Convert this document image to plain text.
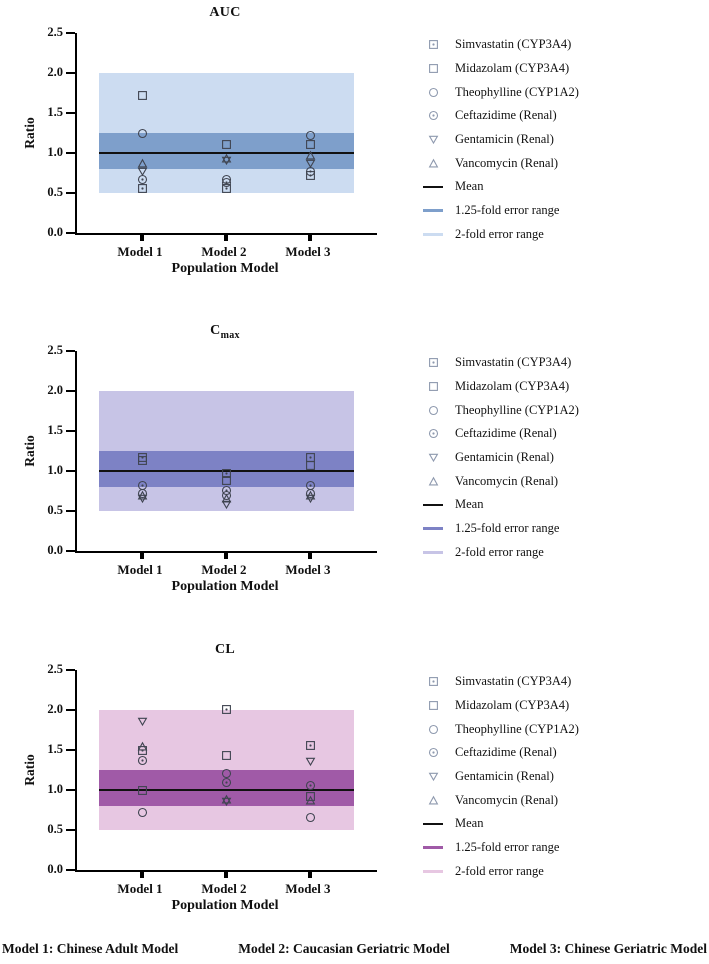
AUC
Ratio
Population Model
Simvastatin (CYP3A4)
Midazolam (CYP3A4)
Theophylline (CYP1A2)
Ceftazidime (Renal)
Gentamicin (Renal)
Vancomycin (Renal)
Mean
1.25-fold error range
2-fold error range
0.0
0.5
1.0
1.5
2.0
2.5
Model 1	Model 2	Model 3
$C_{max}$
Ratio
Population Model
Simvastatin (CYP3A4)
Midazolam (CYP3A4)
Theophylline (CYP1A2)
Ceftazidime (Renal)
Gentamicin (Renal)
Vancomycin (Renal)
Mean
1.25-fold error range
2-fold error range
0.0
0.5
1.0
1.5
2.0
2.5
Model 1	Model 2	Model 3
CL
Ratio
Population Model
Simvastatin (CYP3A4)
Midazolam (CYP3A4)
Theophylline (CYP1A2)
Ceftazidime (Renal)
Gentamicin (Renal)
Vancomycin (Renal)
Mean
1.25-fold error range
2-fold error range
0.0
0.5
1.0
1.5
2.0
2.5
Model 1	Model 2	Model 3
Model 1: Chinese Adult Model	Model 2: Caucasian Geriatric Model	Model 3: Chinese Geriatric Model
